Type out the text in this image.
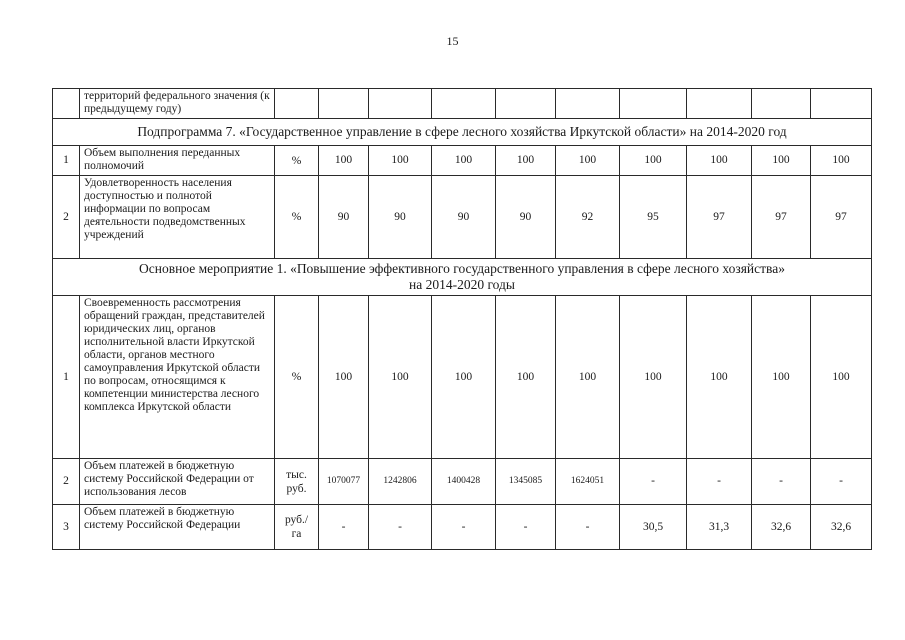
15
	территорий федерального значения (к предыдущему году)										
Подпрограмма 7. «Государственное управление в сфере лесного хозяйства Иркутской области» на 2014-2020 год											
1	Объем выполнения переданных полномочий	%	100	100	100	100	100	100	100	100	100
2	Удовлетворенность населения доступностью и полнотой информации по вопросам деятельности подведомственных учреждений	%	90	90	90	90	92	95	97	97	97

Основное мероприятие 1. «Повышение эффективного государственного управления в сфере лесного хозяйства»
на 2014-2020 годы											

1	Своевременность рассмотрения обращений граждан, представителей юридических лиц, органов исполнительной власти Иркутской области, органов местного самоуправления Иркутской области по вопросам, относящимся к компетенции министерства лесного комплекса Иркутской области	%	100	100	100	100	100	100	100	100	100
2	Объем платежей в бюджетную систему Российской Федерации от использования лесов	тыс. руб.	1070077	1242806	1400428	1345085	1624051	-	-	-	-
3	Объем платежей в бюджетную систему Российской Федерации	руб./ га	-	-	-	-	-	30,5	31,3	32,6	32,6
